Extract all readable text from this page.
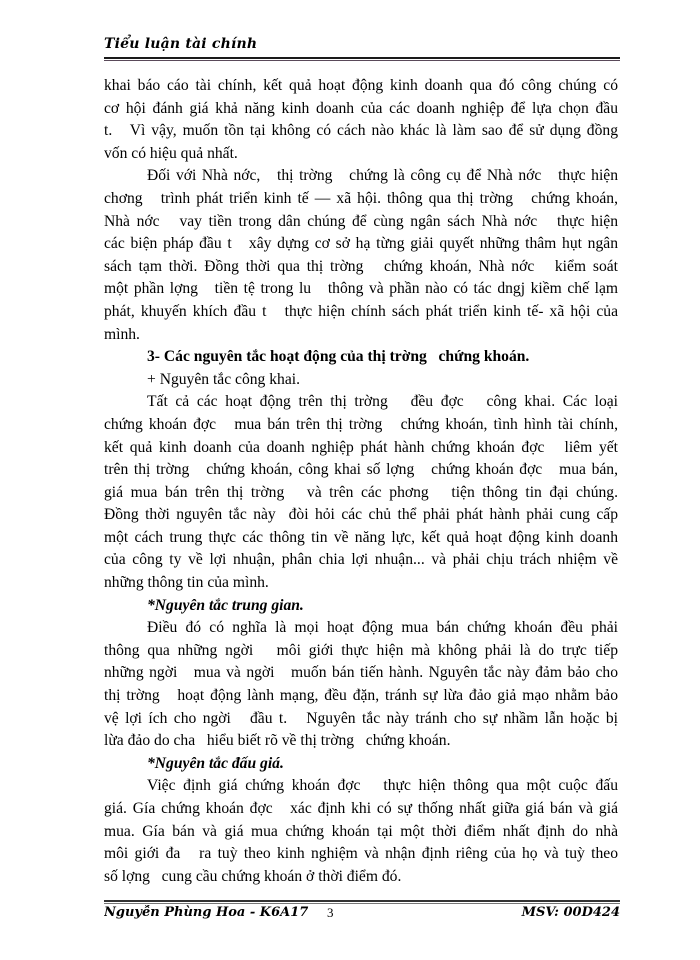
Tiểu luận tài chính
khai báo cáo tài chính, kết quả hoạt động kinh doanh qua đó công chúng có
cơ hội đánh giá khả năng kinh doanh của các doanh nghiệp để lựa chọn đầu
t.   Vì vậy, muốn tồn tại không có cách nào khác là làm sao để sử dụng đồng
vốn có hiệu quả nhất.
Đối với Nhà nớc,   thị trờng   chứng là công cụ để Nhà nớc   thực hiện
chơng   trình phát triển kinh tế — xã hội. thông qua thị trờng   chứng khoán,
Nhà nớc   vay tiền trong dân chúng để cùng ngân sách Nhà nớc   thực hiện
các biện pháp đầu t   xây dựng cơ sở hạ từng giải quyết những thâm hụt ngân
sách tạm thời. Đồng thời qua thị trờng   chứng khoán, Nhà nớc   kiểm soát
một phần lợng   tiền tệ trong lu   thông và phần nào có tác dngj kiềm chế lạm
phát, khuyến khích đầu t   thực hiện chính sách phát triển kinh tế- xã hội của
mình.
3- Các nguyên tắc hoạt động của thị trờng   chứng khoán.
+ Nguyên tắc công khai.
Tất cả các hoạt động trên thị trờng   đều đợc   công khai. Các loại
chứng khoán đợc   mua bán trên thị trờng   chứng khoán, tình hình tài chính,
kết quả kinh doanh của doanh nghiệp phát hành chứng khoán đợc   liêm yết
trên thị trờng   chứng khoán, công khai số lợng   chứng khoán đợc   mua bán,
giá mua bán trên thị trờng   và trên các phơng   tiện thông tin đại chúng.
Đồng thời nguyên tắc này  đòi hỏi các chủ thể phải phát hành phải cung cấp
một cách trung thực các thông tin về năng lực, kết quả hoạt động kinh doanh
của công ty về lợi nhuận, phân chia lợi nhuận... và phải chịu trách nhiệm về
những thông tin của mình.
*Nguyên tắc trung gian.
Điều đó có nghĩa là mọi hoạt động mua bán chứng khoán đều phải
thông qua những ngời   môi giới thực hiện mà không phải là do trực tiếp
những ngời   mua và ngời   muốn bán tiến hành. Nguyên tắc này đảm bảo cho
thị trờng   hoạt động lành mạng, đều đặn, tránh sự lừa đảo giả mạo nhằm bảo
vệ lợi ích cho ngời   đầu t.   Nguyên tắc này tránh cho sự nhầm lẫn hoặc bị
lừa đảo do cha   hiểu biết rõ về thị trờng   chứng khoán.
*Nguyên tắc đấu giá.
Việc định giá chứng khoán đợc   thực hiện thông qua một cuộc đấu
giá. Gía chứng khoán đợc   xác định khi có sự thống nhất giữa giá bán và giá
mua. Gía bán và giá mua chứng khoán tại một thời điểm nhất định do nhà
môi giới đa   ra tuỳ theo kinh nghiệm và nhận định riêng của họ và tuỳ theo
số lợng   cung cầu chứng khoán ở thời điểm đó.
Nguyễn Phùng Hoa - K6A17 3	MSV: 00D424
